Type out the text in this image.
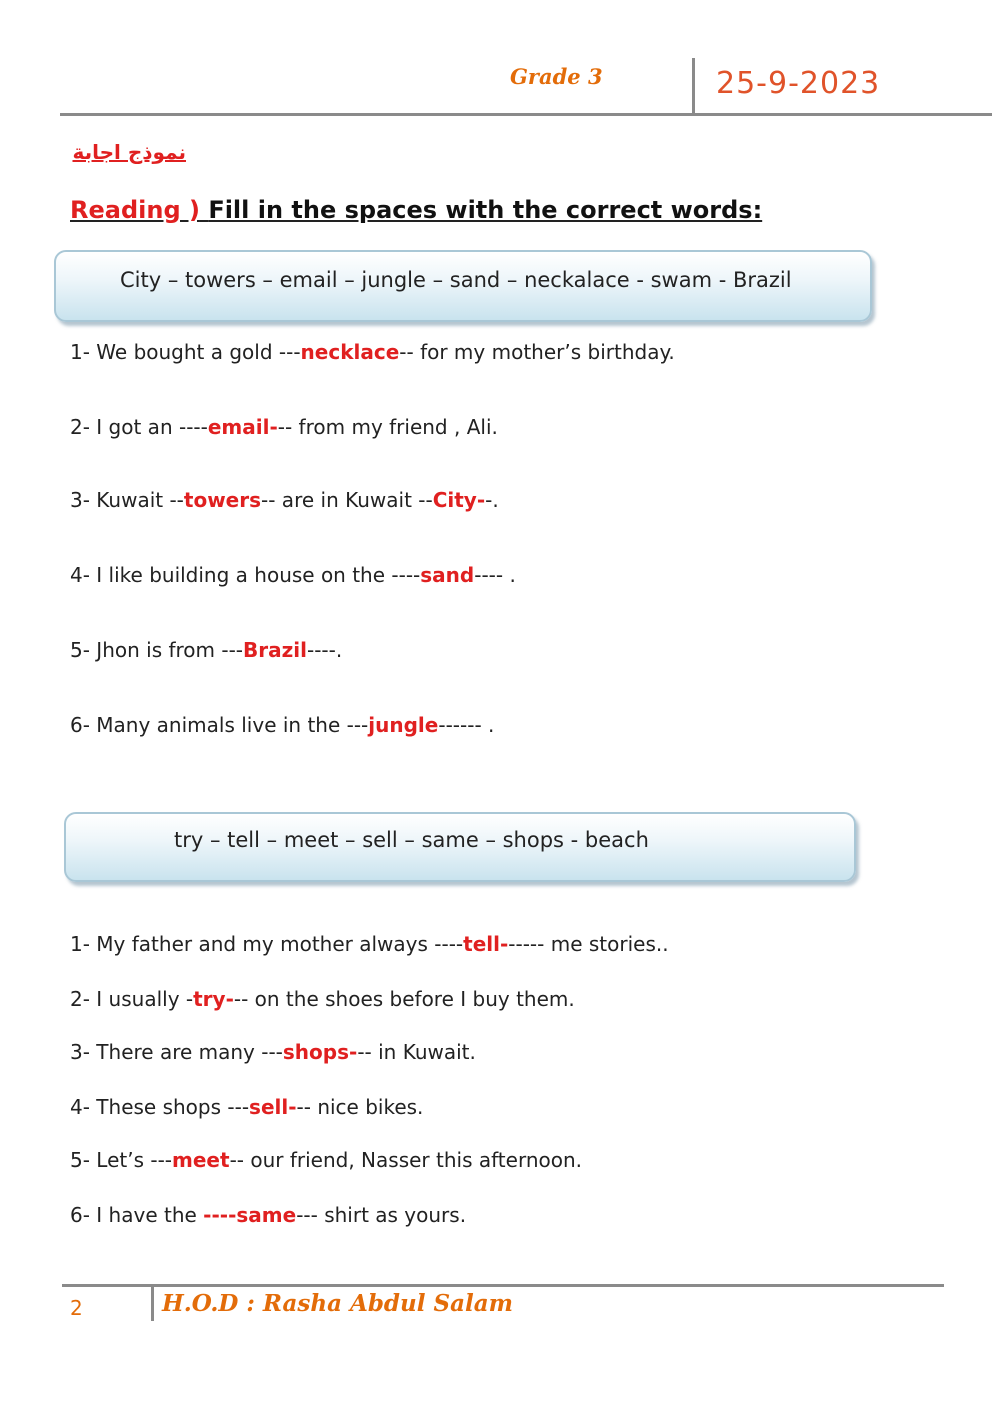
Grade 3	25-9-2023
نموذج اجابة
Reading ) Fill in the spaces with the correct words:
City – towers – email – jungle – sand – neckalace - swam - Brazil
1- We bought a gold ---necklace-- for my mother’s birthday.
2- I got an ----email--- from my friend , Ali.
3- Kuwait --towers-- are in Kuwait --City--.
4- I like building a house on the ----sand---- .
5- Jhon is from ---Brazil----.
6- Many animals live in the ---jungle------ .
try – tell – meet – sell – same – shops - beach
1- My father and my mother always ----tell------ me stories..
2- I usually -try--- on the shoes before I buy them.
3- There are many ---shops--- in Kuwait.
4- These shops ---sell--- nice bikes.
5- Let’s ---meet-- our friend, Nasser this afternoon.
6- I have the ----same--- shirt as yours.
2	H.O.D : Rasha Abdul Salam
